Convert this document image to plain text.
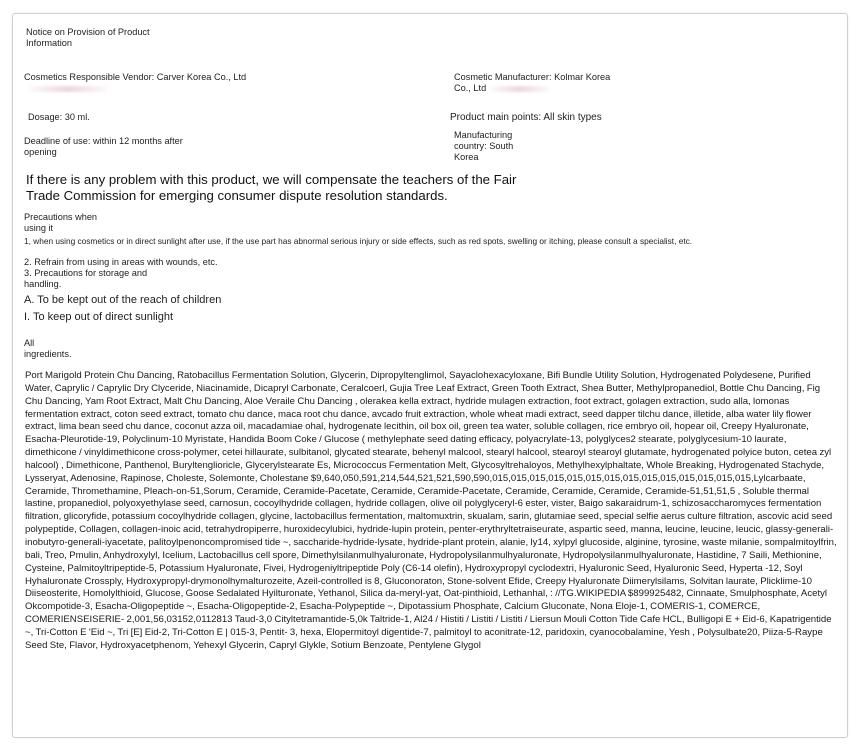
Notice on Provision of Product Information

Cosmetics Responsible Vendor: Carver Korea Co., Ltd	Cosmetic Manufacturer: Kolmar Korea Co., Ltd

Dosage: 30 ml.	Product main points: All skin types

Deadline of use: within 12 months after opening

Manufacturing country: South Korea

If there is any problem with this product, we will compensate the teachers of the Fair Trade Commission for emerging consumer dispute resolution standards.

Precautions when using it

1, when using cosmetics or in direct sunlight after use, if the use part has abnormal serious injury or side effects, such as red spots, swelling or itching, please consult a specialist, etc.

2. Refrain from using in areas with wounds, etc.

3. Precautions for storage and handling.

A. To be kept out of the reach of children

I. To keep out of direct sunlight

All ingredients.

Port Marigold Protein Chu Dancing, Ratobacillus Fermentation Solution, Glycerin, Dipropyltenglimol, Sayaclohexacyloxane, Bifi Bundle Utility Solution, Hydrogenated Polydesene, Purified Water, Caprylic / Caprylic Dry Clyceride, Niacinamide, Dicapryl Carbonate, Ceralcoerl, Gujia Tree Leaf Extract, Green Tooth Extract, Shea Butter, Methylpropanediol, Bottle Chu Dancing, Fig Chu Dancing, Yam Root Extract, Malt Chu Dancing, Aloe Veraile Chu Dancing , olerakea kella extract, hydride mulagen extraction, foot extract, golagen extraction, sudo alla, lomonas fermentation extract, coton seed extract, tomato chu dance, maca root chu dance, avcado fruit extraction, whole wheat madi extract, seed dapper tilchu dance, illetide, alba water lily flower extract, lima bean seed chu dance, coconut azza oil, macadamiae ohal, hydrogenate lecithin, oil box oil, green tea water, soluble collagen, rice embryo oil, hopear oil, Creepy Hyaluronate, Esacha-Pleurotide-19, Polyclinum-10 Myristate, Handida Boom Coke / Glucose ( methylephate seed dating efficacy, polyacrylate-13, polyglyces2 stearate, polyglycesium-10 laurate, dimethicone / vinyldimethicone cross-polymer, cetei hillaurate, sulbitanol, glycated stearate, behenyl malcool, stearyl halcool, stearoyl stearoyl glutamate, hydrogenated polyice buton, cetea zyl halcool) , Dimethicone, Panthenol, Buryltenglioricle, Glycerylstearate Es, Micrococcus Fermentation Melt, Glycosyltrehaloyos, Methylhexylphaltate, Whole Breaking, Hydrogenated Stachyde, Lysseryat, Adenosine, Rapinose, Choleste, Solemonte, Cholestane $9,640,050,591,214,544,521,521,590,590,015,015,015,015,015,015,015,015,015,015,015,015,015,015,Lylcarbaate, Ceramide, Thromethamine, Pleach-on-51,Sorum, Ceramide, Ceramide-Pacetate, Ceramide, Ceramide-Pacetate, Ceramide, Ceramide, Ceramide, Ceramide-51,51,51,5 , Soluble thermal lastine, propanediol, polyoxyethylase seed, carnosun, cocoylhydride collagen, hydride collagen, olive oil polyglyceryl-6 ester, vister, Baigo sakaraidrum-1, schizosaccharomyces fermentation filtration, glicoryfide, potassium cocoylhydride collagen, glycine, lactobacillus fermentation, maltomuxtrin, skualam, sarin, glutamiae seed, special selfie aerus culture filtration, ascovic acid seed polypeptide, Collagen, collagen-inoic acid, tetrahydropiperre, huroxidecylubici, hydride-lupin protein, penter-erythryltetraiseurate, aspartic seed, manna, leucine, leucine, leucic, glassy-generali-inobutyro-generali-iyacetate, palitoylpenoncompromised tide ~, saccharide-hydride-lysate, hydride-plant protein, alanie, ly14, xylpyl glucoside, alginine, tyrosine, waste milanie, sompalmitoylfrin, bali, Treo, Pmulin, Anhydroxylyl, Icelium, Lactobacillus cell spore, Dimethylsilanmulhyaluronate, Hydropolysilanmulhyaluronate, Hydropolysilanmulhyaluronate, Hastidine, 7 Saili, Methionine, Cysteine, Palmitoyltripeptide-5, Potassium Hyaluronate, Fivei, Hydrogeniyltripeptide Poly (C6-14 olefin), Hydroxypropyl cyclodextri, Hyaluronic Seed, Hyaluronic Seed, Hyperta -12, Soyl Hyhaluronate Crossply, Hydroxypropyl-drymonolhymalturozeite, Azeil-controlled is 8, Gluconoraton, Stone-solvent Efide, Creepy Hyaluronate Diimerylsilams, Solvitan laurate, Plicklime-10 Diiseosterite, Homolylthioid, Glucose, Goose Sedalated Hyilturonate, Yethanol, Silica da-meryl-yat, Oat-pinthioid, Lethanhal, : //TG.WIKIPEDIA $899925482, Cinnaate, Smulphosphate, Acetyl Okcompotide-3, Esacha-Oligopeptide ~, Esacha-Oligopeptide-2, Esacha-Polypeptide ~, Dipotassium Phosphate, Calcium Gluconate, Nona Eloje-1, COMERIS-1, COMERCE, COMERIENSEISERIE- 2,001,56,03152,0112813 Taud-3,0 Cityltetramantide-5,0k Taltride-1, Al24 / Histiti / Listiti / Listiti / Liersun Mouli Cotton Tide Cafe HCL, Bulligopi E + Eid-6, Kapatrigentide ~, Tri-Cotton E 'Eid ~, Tri [E] Eid-2, Tri-Cotton E | 015-3, Pentit- 3, hexa, Elopermitoyl digentide-7, palmitoyl to aconitrate-12, paridoxin, cyanocobalamine, Yesh , Polysulbate20, Piiza-5-Raype Seed Ste, Flavor, Hydroxyacetphenom, Yehexyl Glycerin, Capryl Glykle, Sotium Benzoate, Pentylene Glygol
